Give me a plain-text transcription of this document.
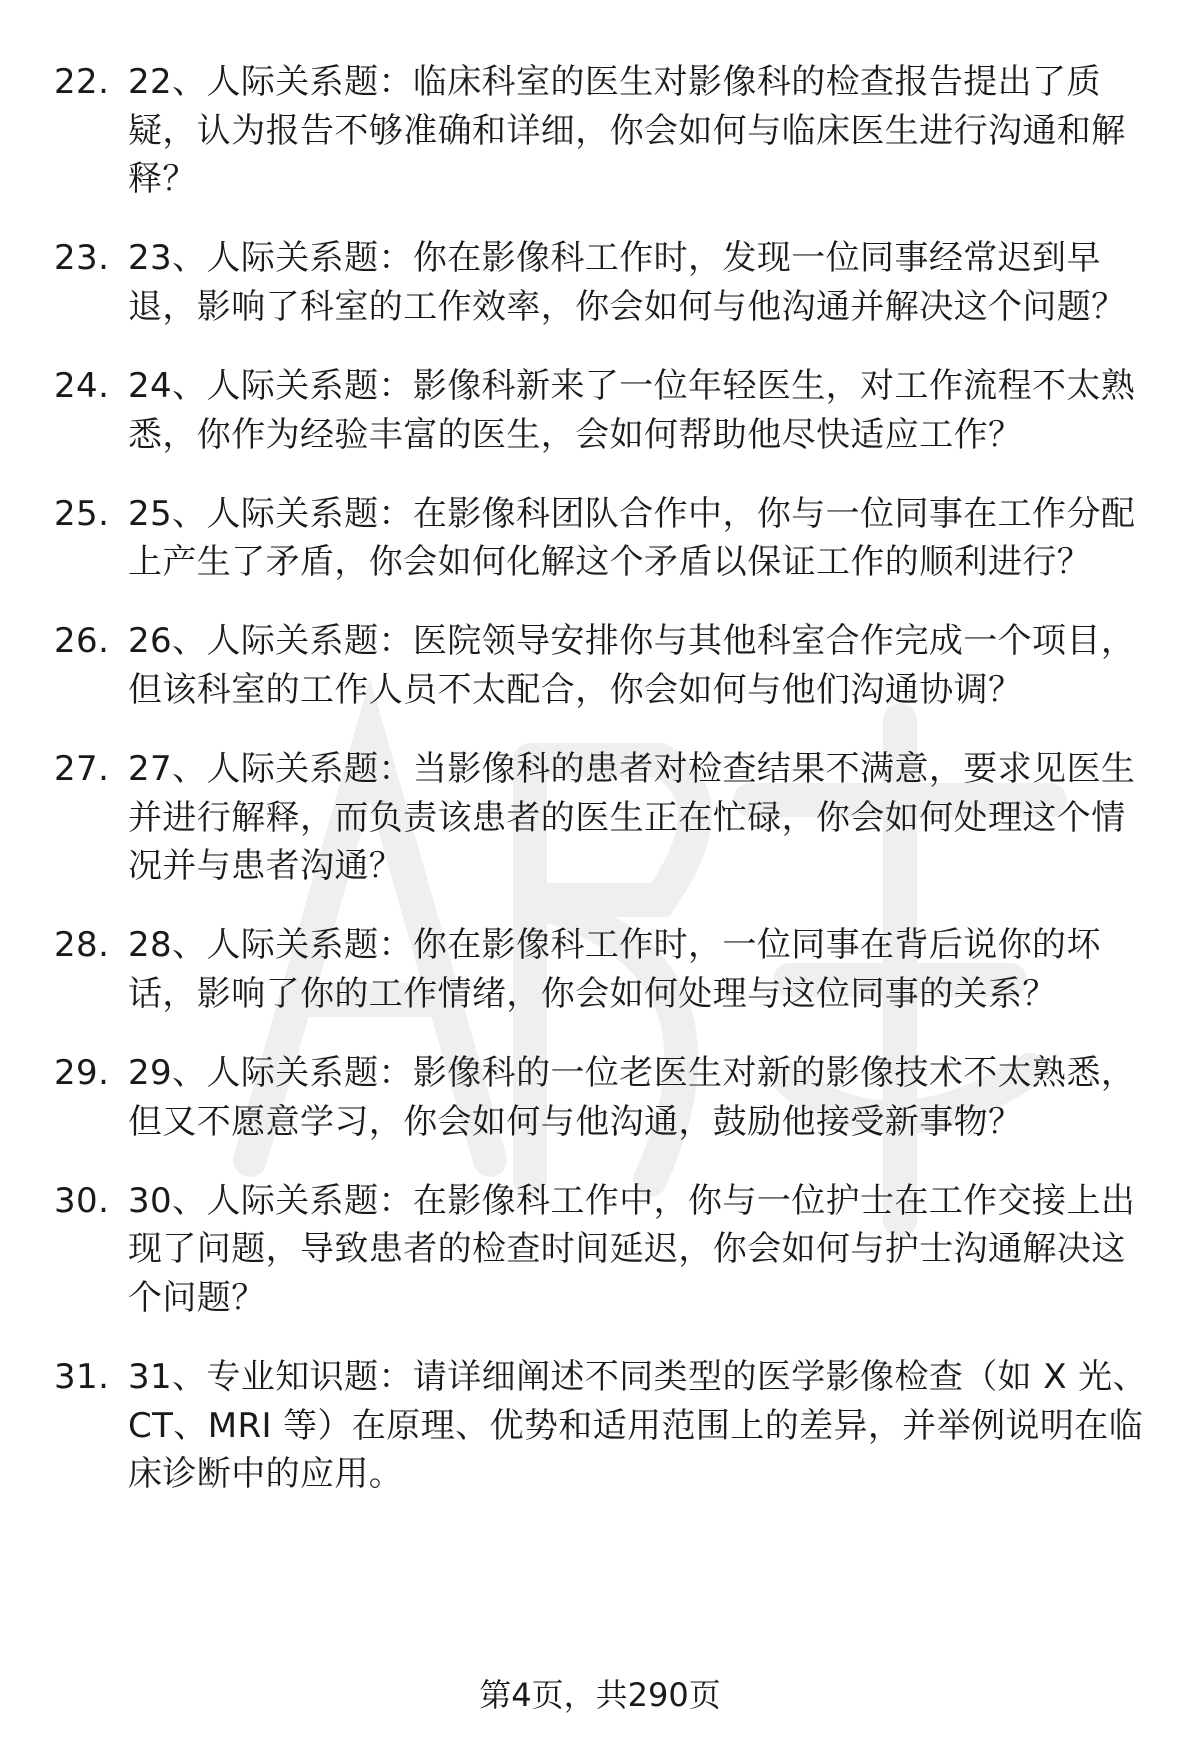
22. 22、人际关系题：临床科室的医生对影像科的检查报告提出了质疑，认为报告不够准确和详细，你会如何与临床医生进行沟通和解释？
23. 23、人际关系题：你在影像科工作时，发现一位同事经常迟到早退，影响了科室的工作效率，你会如何与他沟通并解决这个问题？
24. 24、人际关系题：影像科新来了一位年轻医生，对工作流程不太熟悉，你作为经验丰富的医生，会如何帮助他尽快适应工作？
25. 25、人际关系题：在影像科团队合作中，你与一位同事在工作分配上产生了矛盾，你会如何化解这个矛盾以保证工作的顺利进行？
26. 26、人际关系题：医院领导安排你与其他科室合作完成一个项目，但该科室的工作人员不太配合，你会如何与他们沟通协调？
27. 27、人际关系题：当影像科的患者对检查结果不满意，要求见医生并进行解释，而负责该患者的医生正在忙碌，你会如何处理这个情况并与患者沟通？
28. 28、人际关系题：你在影像科工作时，一位同事在背后说你的坏话，影响了你的工作情绪，你会如何处理与这位同事的关系？
29. 29、人际关系题：影像科的一位老医生对新的影像技术不太熟悉，但又不愿意学习，你会如何与他沟通，鼓励他接受新事物？
30. 30、人际关系题：在影像科工作中，你与一位护士在工作交接上出现了问题，导致患者的检查时间延迟，你会如何与护士沟通解决这个问题？
31. 31、专业知识题：请详细阐述不同类型的医学影像检查（如 X 光、CT、MRI 等）在原理、优势和适用范围上的差异，并举例说明在临床诊断中的应用。
第4页，共290页
